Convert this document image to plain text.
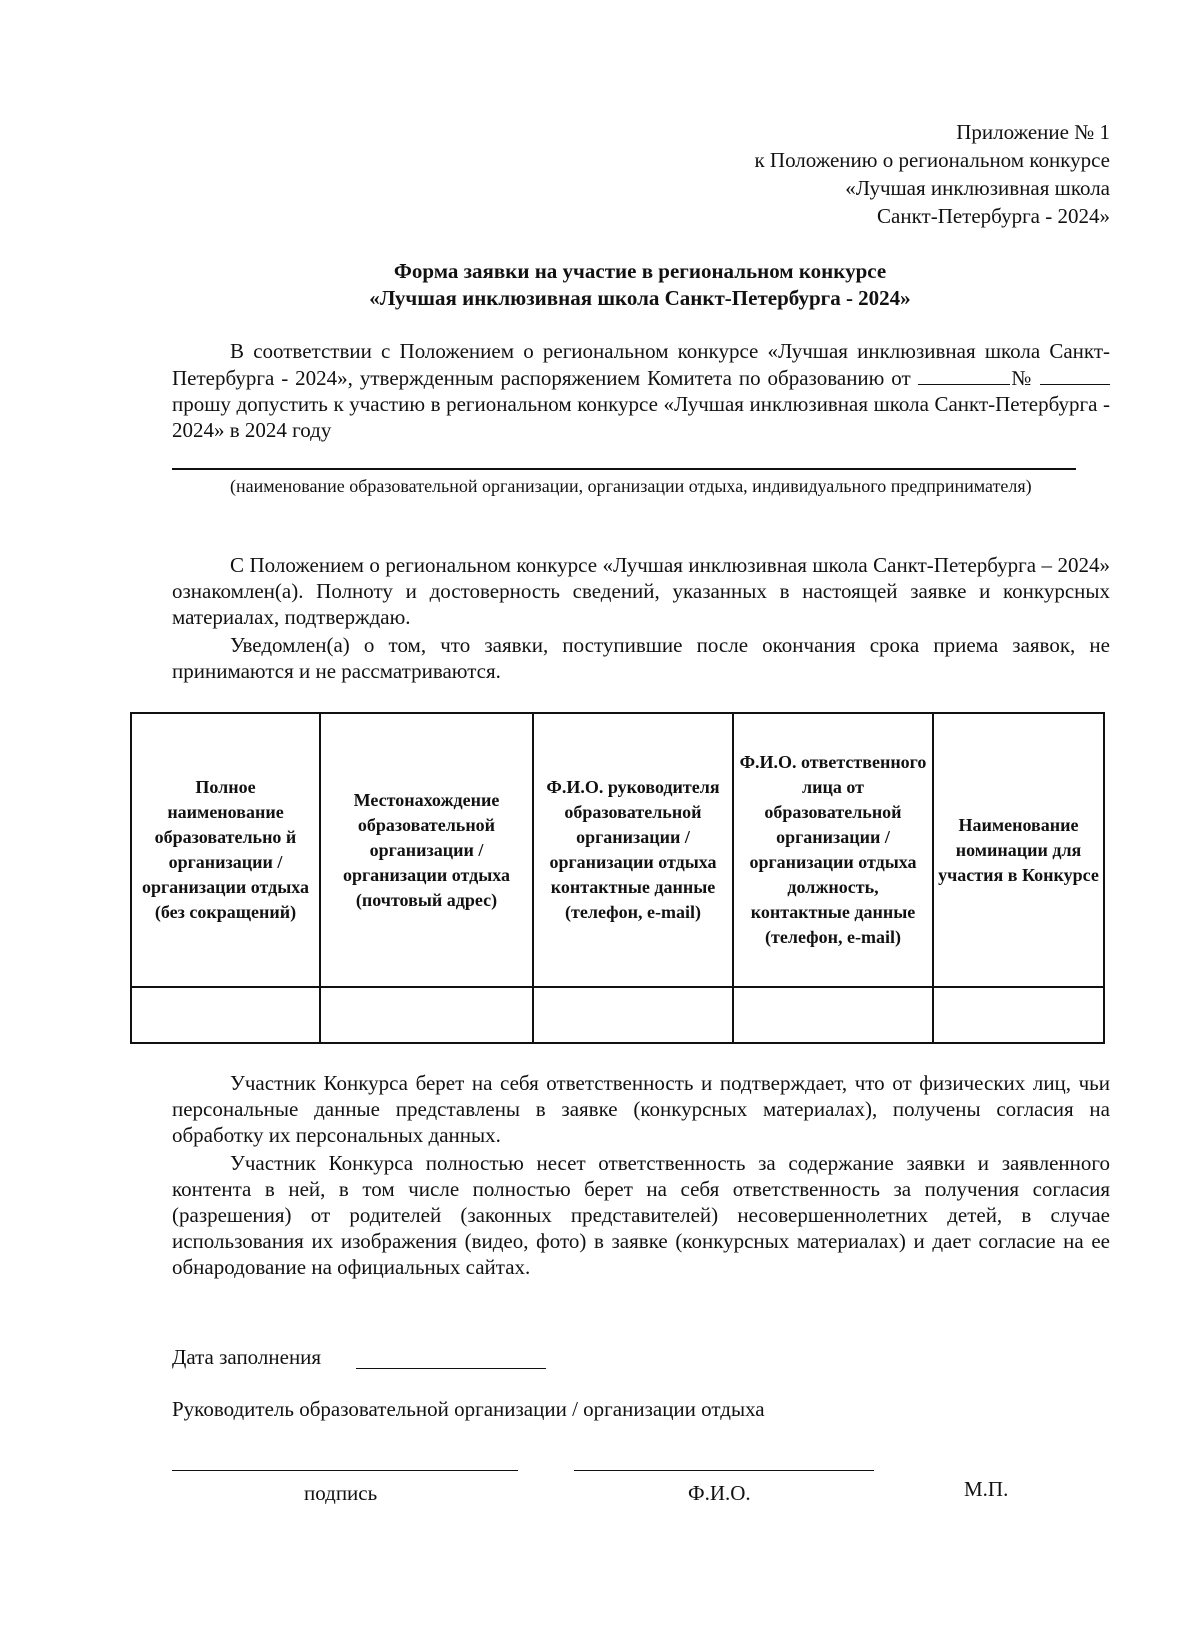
Приложение № 1
к Положению о региональном конкурсе
«Лучшая инклюзивная школа
Санкт-Петербурга - 2024»
Форма заявки на участие в региональном конкурсе
«Лучшая инклюзивная школа Санкт-Петербурга - 2024»
В соответствии с Положением о региональном конкурсе «Лучшая инклюзивная школа Санкт-Петербурга - 2024», утвержденным распоряжением Комитета по образованию от	№  прошу допустить к участию в региональном конкурсе «Лучшая инклюзивная школа Санкт-Петербурга - 2024» в 2024 году
(наименование образовательной организации, организации отдыха, индивидуального предпринимателя)
С Положением о региональном конкурсе «Лучшая инклюзивная школа Санкт-Петербурга – 2024» ознакомлен(а). Полноту и достоверность сведений, указанных в настоящей заявке и конкурсных материалах, подтверждаю.
Уведомлен(а) о том, что заявки, поступившие после окончания срока приема заявок, не принимаются и не рассматриваются.
Полное наименование образовательно й организации / организации отдыха (без сокращений)	Местонахождение образовательной организации / организации отдыха (почтовый адрес)	Ф.И.О. руководителя образовательной организации / организации отдыха контактные данные (телефон, e-mail)	Ф.И.О. ответственного лица от образовательной организации / организации отдыха должность, контактные данные (телефон, e-mail)	Наименование номинации для участия в Конкурсе

Участник Конкурса берет на себя ответственность и подтверждает, что от физических лиц, чьи персональные данные представлены в заявке (конкурсных материалах), получены согласия на обработку их персональных данных.
Участник Конкурса полностью несет ответственность за содержание заявки и заявленного контента в ней, в том числе полностью берет на себя ответственность за получения согласия (разрешения) от родителей (законных представителей) несовершеннолетних детей, в случае использования их изображения (видео, фото) в заявке (конкурсных материалах) и дает согласие на ее обнародование на официальных сайтах.
Дата заполнения
Руководитель образовательной организации / организации отдыха
подпись	Ф.И.О.	М.П.
